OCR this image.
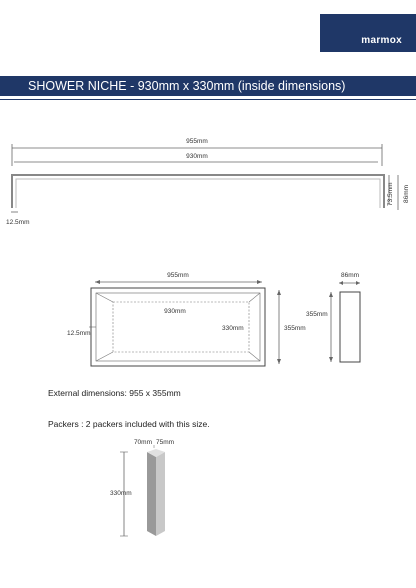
marmox
SHOWER NICHE - 930mm x 330mm (inside dimensions)
955mm
930mm
12.5mm
73.5mm 86mm
955mm
930mm
330mm
12.5mm
355mm
86mm
355mm
70mm 75mm
330mm
External dimensions: 955 x 355mm
Packers : 2 packers included with this size.
